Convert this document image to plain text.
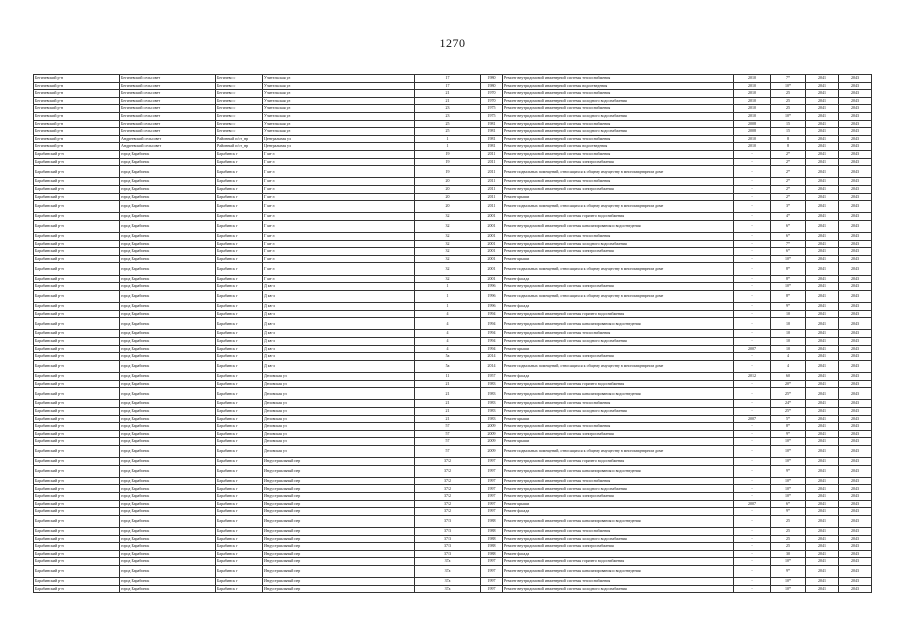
1270
Бегичевский р-н	Бегичевский сельсовет	Бегичево с	Учительская ул	17	1980	Ремонт внутридомовой инженерной системы теплоснабжения	2010	7*	2041	2043
Бегичевский р-н	Бегичевский сельсовет	Бегичево с	Учительская ул	17	1980	Ремонт внутридомовой инженерной системы водоотведения	2010	10*	2041	2043
Бегичевский р-н	Бегичевский сельсовет	Бегичево с	Учительская ул	21	1970	Ремонт внутридомовой инженерной системы теплоснабжения	2010	25	2041	2043
Бегичевский р-н	Бегичевский сельсовет	Бегичево с	Учительская ул	21	1970	Ремонт внутридомовой инженерной системы холодного водоснабжения	2010	25	2041	2043
Бегичевский р-н	Бегичевский сельсовет	Бегичево с	Учительская ул	23	1975	Ремонт внутридомовой инженерной системы теплоснабжения	2010	25	2041	2043
Бегичевский р-н	Бегичевский сельсовет	Бегичево с	Учительская ул	23	1975	Ремонт внутридомовой инженерной системы холодного водоснабжения	2010	10*	2041	2043
Бегичевский р-н	Бегичевский сельсовет	Бегичево с	Учительская ул	25	1981	Ремонт внутридомовой инженерной системы теплоснабжения	2008	15	2041	2043
Бегичевский р-н	Бегичевский сельсовет	Бегичево с	Учительская ул	25	1981	Ремонт внутридомовой инженерной системы холодного водоснабжения	2008	15	2041	2043
Бегичевский р-н	Андреевский сельсовет	Районный п/ст_нр	Центральная ул	1	1981	Ремонт внутридомовой инженерной системы теплоснабжения	2010	8	2041	2043
Бегичевский р-н	Андреевский сельсовет	Районный п/ст_нр	Центральная ул	1	1981	Ремонт внутридомовой инженерной системы водоотведения	2010	8	2041	2043
Барабинский р-н	город Барабинск	Барабинск г	Г кв-л	19	2011	Ремонт внутридомовой инженерной системы теплоснабжения	-	2*	2041	2043
Барабинский р-н	город Барабинск	Барабинск г	Г кв-л	19	2011	Ремонт внутридомовой инженерной системы электроснабжения	-	2*	2041	2043
Барабинский р-н	город Барабинск	Барабинск г	Г кв-л	19	2011	Ремонт подвальных помещений, относящихся к общему имуществу в многоквартирном доме	-	2*	2041	2043
Барабинский р-н	город Барабинск	Барабинск г	Г кв-л	20	2011	Ремонт внутридомовой инженерной системы теплоснабжения	-	2*	2041	2043
Барабинский р-н	город Барабинск	Барабинск г	Г кв-л	20	2011	Ремонт внутридомовой инженерной системы электроснабжения	-	2*	2041	2043
Барабинский р-н	город Барабинск	Барабинск г	Г кв-л	20	2011	Ремонт крыши	-	2*	2041	2043
Барабинский р-н	город Барабинск	Барабинск г	Г кв-л	20	2011	Ремонт подвальных помещений, относящихся к общему имуществу в многоквартирном доме	-	3*	2041	2043
Барабинский р-н	город Барабинск	Барабинск г	Г кв-л	32	2001	Ремонт внутридомовой инженерной системы горячего водоснабжения	-	4*	2041	2043
Барабинский р-н	город Барабинск	Барабинск г	Г кв-л	32	2001	Ремонт внутридомовой инженерной системы канализирования и водоотведения	-	6*	2041	2043
Барабинский р-н	город Барабинск	Барабинск г	Г кв-л	32	2001	Ремонт внутридомовой инженерной системы теплоснабжения	-	6*	2041	2043
Барабинский р-н	город Барабинск	Барабинск г	Г кв-л	32	2001	Ремонт внутридомовой инженерной системы холодного водоснабжения	-	7*	2041	2043
Барабинский р-н	город Барабинск	Барабинск г	Г кв-л	32	2001	Ремонт внутридомовой инженерной системы электроснабжения	-	6*	2041	2043
Барабинский р-н	город Барабинск	Барабинск г	Г кв-л	32	2001	Ремонт крыши	-	10*	2041	2043
Барабинский р-н	город Барабинск	Барабинск г	Г кв-л	32	2001	Ремонт подвальных помещений, относящихся к общему имуществу в многоквартирном доме	-	8*	2041	2043
Барабинский р-н	город Барабинск	Барабинск г	Г кв-л	32	2001	Ремонт фасада	-	8*	2041	2043
Барабинский р-н	город Барабинск	Барабинск г	Д кв-л	1	1996	Ремонт внутридомовой инженерной системы электроснабжения	-	10*	2041	2043
Барабинский р-н	город Барабинск	Барабинск г	Д кв-л	1	1996	Ремонт подвальных помещений, относящихся к общему имуществу в многоквартирном доме	-	8*	2041	2043
Барабинский р-н	город Барабинск	Барабинск г	Д кв-л	1	1996	Ремонт фасада	-	9*	2041	2043
Барабинский р-н	город Барабинск	Барабинск г	Д кв-л	4	1994	Ремонт внутридомовой инженерной системы горячего водоснабжения	-	10	2041	2043
Барабинский р-н	город Барабинск	Барабинск г	Д кв-л	4	1994	Ремонт внутридомовой инженерной системы канализирования и водоотведения	-	10	2041	2043
Барабинский р-н	город Барабинск	Барабинск г	Д кв-л	4	1994	Ремонт внутридомовой инженерной системы теплоснабжения	-	10	2041	2043
Барабинский р-н	город Барабинск	Барабинск г	Д кв-л	4	1994	Ремонт внутридомовой инженерной системы холодного водоснабжения	-	10	2041	2043
Барабинский р-н	город Барабинск	Барабинск г	Д кв-л	4	1994	Ремонт крыши	2007	10	2041	2043
Барабинский р-н	город Барабинск	Барабинск г	Д кв-л	5а	2014	Ремонт внутридомовой инженерной системы электроснабжения	-	4	2041	2043
Барабинский р-н	город Барабинск	Барабинск г	Д кв-л	5а	2014	Ремонт подвальных помещений, относящихся к общему имуществу в многоквартирном доме	-	4	2041	2043
Барабинский р-н	город Барабинск	Барабинск г	Деповская ул	11	1957	Ремонт фасада	2012	60	2041	2043
Барабинский р-н	город Барабинск	Барабинск г	Деповская ул	21	1983	Ремонт внутридомовой инженерной системы горячего водоснабжения	-	20*	2041	2043
Барабинский р-н	город Барабинск	Барабинск г	Деповская ул	21	1983	Ремонт внутридомовой инженерной системы канализирования и водоотведения	-	25*	2041	2043
Барабинский р-н	город Барабинск	Барабинск г	Деповская ул	21	1983	Ремонт внутридомовой инженерной системы теплоснабжения	-	24*	2041	2043
Барабинский р-н	город Барабинск	Барабинск г	Деповская ул	21	1983	Ремонт внутридомовой инженерной системы холодного водоснабжения	-	25*	2041	2043
Барабинский р-н	город Барабинск	Барабинск г	Деповская ул	21	1983	Ремонт крыши	2007	5*	2041	2043
Барабинский р-н	город Барабинск	Барабинск г	Деповская ул	57	2009	Ремонт внутридомовой инженерной системы теплоснабжения	-	8*	2041	2043
Барабинский р-н	город Барабинск	Барабинск г	Деповская ул	57	2009	Ремонт внутридомовой инженерной системы электроснабжения	-	9*	2041	2043
Барабинский р-н	город Барабинск	Барабинск г	Деповская ул	57	2009	Ремонт крыши	-	10*	2041	2043
Барабинский р-н	город Барабинск	Барабинск г	Деповская ул	57	2009	Ремонт подвальных помещений, относящихся к общему имуществу в многоквартирном доме	-	10*	2041	2043
Барабинский р-н	город Барабинск	Барабинск г	Индустриальный пер	37/2	1997	Ремонт внутридомовой инженерной системы горячего водоснабжения	-	10*	2041	2043
Барабинский р-н	город Барабинск	Барабинск г	Индустриальный пер	37/2	1997	Ремонт внутридомовой инженерной системы канализирования и водоотведения	-	9*	2041	2043
Барабинский р-н	город Барабинск	Барабинск г	Индустриальный пер	37/2	1997	Ремонт внутридомовой инженерной системы теплоснабжения	-	10*	2041	2043
Барабинский р-н	город Барабинск	Барабинск г	Индустриальный пер	37/2	1997	Ремонт внутридомовой инженерной системы холодного водоснабжения	-	10*	2041	2043
Барабинский р-н	город Барабинск	Барабинск г	Индустриальный пер	37/2	1997	Ремонт внутридомовой инженерной системы электроснабжения	-	10*	2041	2043
Барабинский р-н	город Барабинск	Барабинск г	Индустриальный пер	37/2	1997	Ремонт крыши	2007	6*	2041	2043
Барабинский р-н	город Барабинск	Барабинск г	Индустриальный пер	37/2	1997	Ремонт фасада	-	9*	2041	2043
Барабинский р-н	город Барабинск	Барабинск г	Индустриальный пер	37/3	1988	Ремонт внутридомовой инженерной системы канализирования и водоотведения	-	25	2041	2043
Барабинский р-н	город Барабинск	Барабинск г	Индустриальный пер	37/3	1988	Ремонт внутридомовой инженерной системы теплоснабжения	-	25	2041	2043
Барабинский р-н	город Барабинск	Барабинск г	Индустриальный пер	37/3	1988	Ремонт внутридомовой инженерной системы холодного водоснабжения	-	25	2041	2043
Барабинский р-н	город Барабинск	Барабинск г	Индустриальный пер	37/3	1988	Ремонт внутридомовой инженерной системы электроснабжения	-	25	2041	2043
Барабинский р-н	город Барабинск	Барабинск г	Индустриальный пер	37/3	1988	Ремонт фасада	-	30	2041	2043
Барабинский р-н	город Барабинск	Барабинск г	Индустриальный пер	37а	1997	Ремонт внутридомовой инженерной системы горячего водоснабжения	-	10*	2041	2043
Барабинский р-н	город Барабинск	Барабинск г	Индустриальный пер	37а	1997	Ремонт внутридомовой инженерной системы канализирования и водоотведения	-	9*	2041	2043
Барабинский р-н	город Барабинск	Барабинск г	Индустриальный пер	37а	1997	Ремонт внутридомовой инженерной системы теплоснабжения	-	10*	2041	2043
Барабинский р-н	город Барабинск	Барабинск г	Индустриальный пер	37а	1997	Ремонт внутридомовой инженерной системы холодного водоснабжения	-	10*	2041	2043
